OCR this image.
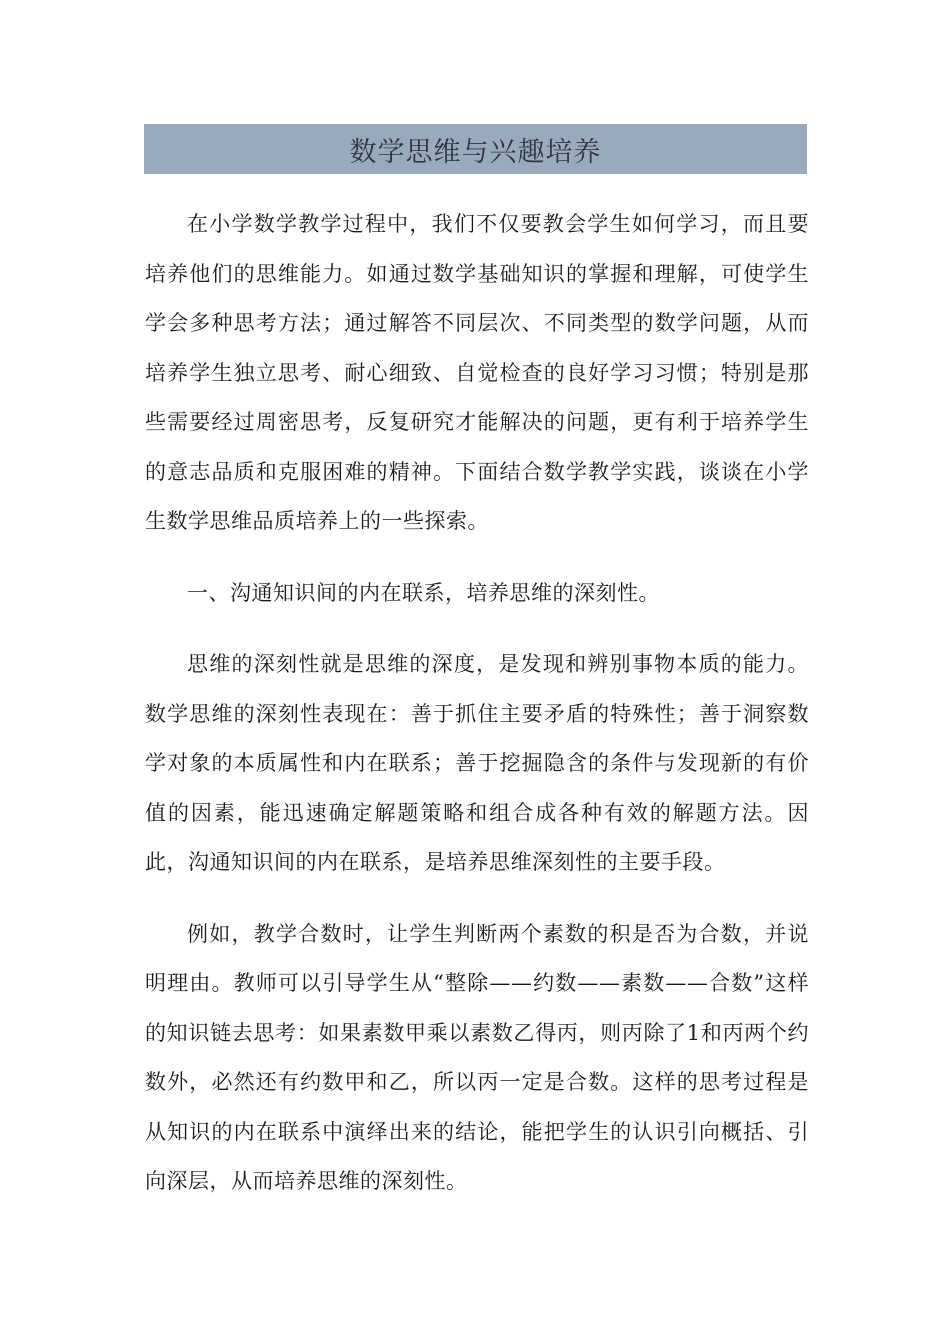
数学思维与兴趣培养

在小学数学教学过程中，我们不仅要教会学生如何学习，而且要培养他们的思维能力。如通过数学基础知识的掌握和理解，可使学生学会多种思考方法；通过解答不同层次、不同类型的数学问题，从而培养学生独立思考、耐心细致、自觉检查的良好学习习惯；特别是那些需要经过周密思考，反复研究才能解决的问题，更有利于培养学生的意志品质和克服困难的精神。下面结合数学教学实践，谈谈在小学生数学思维品质培养上的一些探索。

一、沟通知识间的内在联系，培养思维的深刻性。

思维的深刻性就是思维的深度，是发现和辨别事物本质的能力。数学思维的深刻性表现在：善于抓住主要矛盾的特殊性；善于洞察数学对象的本质属性和内在联系；善于挖掘隐含的条件与发现新的有价值的因素，能迅速确定解题策略和组合成各种有效的解题方法。因此，沟通知识间的内在联系，是培养思维深刻性的主要手段。

例如，教学合数时，让学生判断两个素数的积是否为合数，并说明理由。教师可以引导学生从“整除——约数——素数——合数”这样的知识链去思考：如果素数甲乘以素数乙得丙，则丙除了1和丙两个约数外，必然还有约数甲和乙，所以丙一定是合数。这样的思考过程是从知识的内在联系中演绎出来的结论，能把学生的认识引向概括、引向深层，从而培养思维的深刻性。
